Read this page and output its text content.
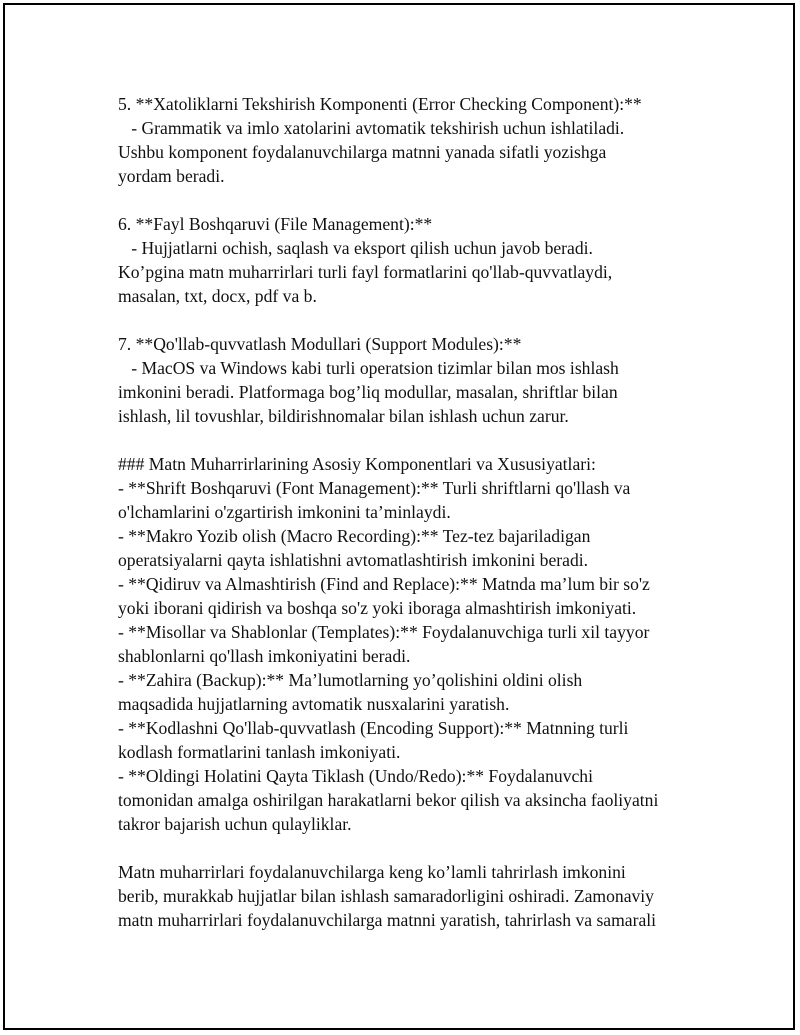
5. **Xatoliklarni Tekshirish Komponenti (Error Checking Component):**
- Grammatik va imlo xatolarini avtomatik tekshirish uchun ishlatiladi.
Ushbu komponent foydalanuvchilarga matnni yanada sifatli yozishga
yordam beradi.
6. **Fayl Boshqaruvi (File Management):**
- Hujjatlarni ochish, saqlash va eksport qilish uchun javob beradi.
Ko’pgina matn muharrirlari turli fayl formatlarini qo'llab-quvvatlaydi,
masalan, txt, docx, pdf va b.
7. **Qo'llab-quvvatlash Modullari (Support Modules):**
- MacOS va Windows kabi turli operatsion tizimlar bilan mos ishlash
imkonini beradi. Platformaga bog’liq modullar, masalan, shriftlar bilan
ishlash, lil tovushlar, bildirishnomalar bilan ishlash uchun zarur.
### Matn Muharrirlarining Asosiy Komponentlari va Xususiyatlari:
- **Shrift Boshqaruvi (Font Management):** Turli shriftlarni qo'llash va
o'lchamlarini o'zgartirish imkonini ta’minlaydi.
- **Makro Yozib olish (Macro Recording):** Tez-tez bajariladigan
operatsiyalarni qayta ishlatishni avtomatlashtirish imkonini beradi.
- **Qidiruv va Almashtirish (Find and Replace):** Matnda ma’lum bir so'z
yoki iborani qidirish va boshqa so'z yoki iboraga almashtirish imkoniyati.
- **Misollar va Shablonlar (Templates):** Foydalanuvchiga turli xil tayyor
shablonlarni qo'llash imkoniyatini beradi.
- **Zahira (Backup):** Ma’lumotlarning yo’qolishini oldini olish
maqsadida hujjatlarning avtomatik nusxalarini yaratish.
- **Kodlashni Qo'llab-quvvatlash (Encoding Support):** Matnning turli
kodlash formatlarini tanlash imkoniyati.
- **Oldingi Holatini Qayta Tiklash (Undo/Redo):** Foydalanuvchi
tomonidan amalga oshirilgan harakatlarni bekor qilish va aksincha faoliyatni
takror bajarish uchun qulayliklar.
Matn muharrirlari foydalanuvchilarga keng ko’lamli tahrirlash imkonini
berib, murakkab hujjatlar bilan ishlash samaradorligini oshiradi. Zamonaviy
matn muharrirlari foydalanuvchilarga matnni yaratish, tahrirlash va samarali
